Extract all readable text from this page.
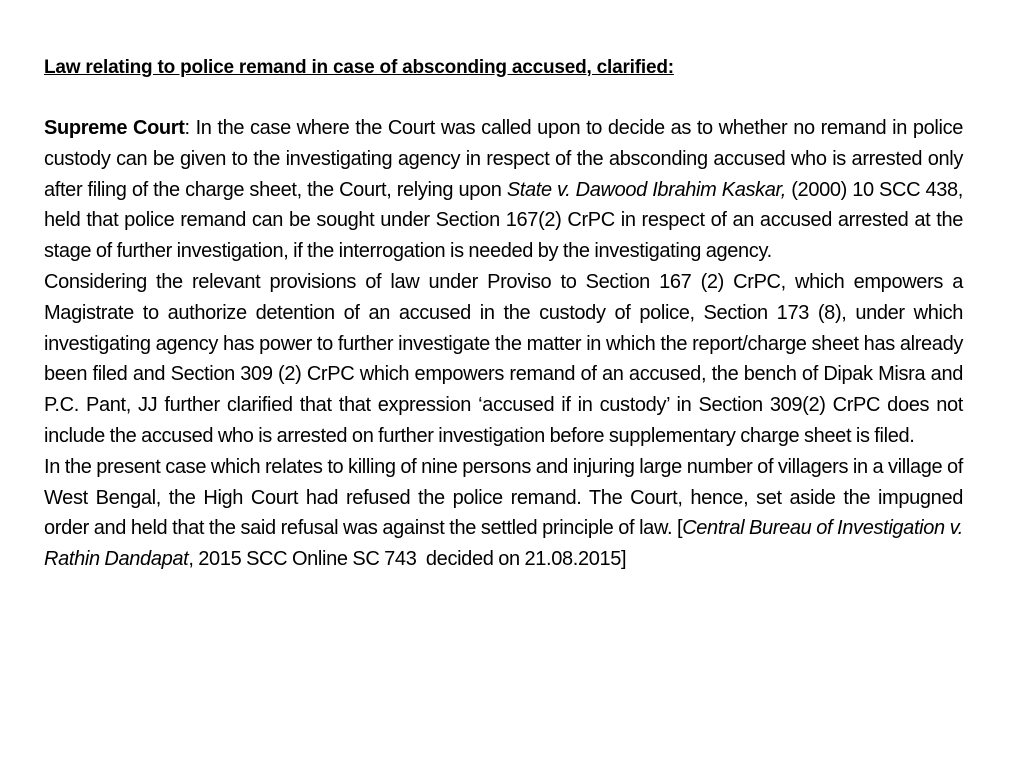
Law relating to police remand in case of absconding accused, clarified:

Supreme Court: In the case where the Court was called upon to decide as to whether no remand in police custody can be given to the investigating agency in respect of the absconding accused who is arrested only after filing of the charge sheet, the Court, relying upon State v. Dawood Ibrahim Kaskar, (2000) 10 SCC 438, held that police remand can be sought under Section 167(2) CrPC in respect of an accused arrested at the stage of further investigation, if the interrogation is needed by the investigating agency.

Considering the relevant provisions of law under Proviso to Section 167 (2) CrPC, which empowers a Magistrate to authorize detention of an accused in the custody of police, Section 173 (8), under which investigating agency has power to further investigate the matter in which the report/charge sheet has already been filed and Section 309 (2) CrPC which empowers remand of an accused, the bench of Dipak Misra and P.C. Pant, JJ further clarified that that expression ‘accused if in custody’ in Section 309(2) CrPC does not include the accused who is arrested on further investigation before supplementary charge sheet is filed.

In the present case which relates to killing of nine persons and injuring large number of villagers in a village of West Bengal, the High Court had refused the police remand. The Court, hence, set aside the impugned order and held that the said refusal was against the settled principle of law. [Central Bureau of Investigation v. Rathin Dandapat, 2015 SCC Online SC 743  decided on 21.08.2015]
